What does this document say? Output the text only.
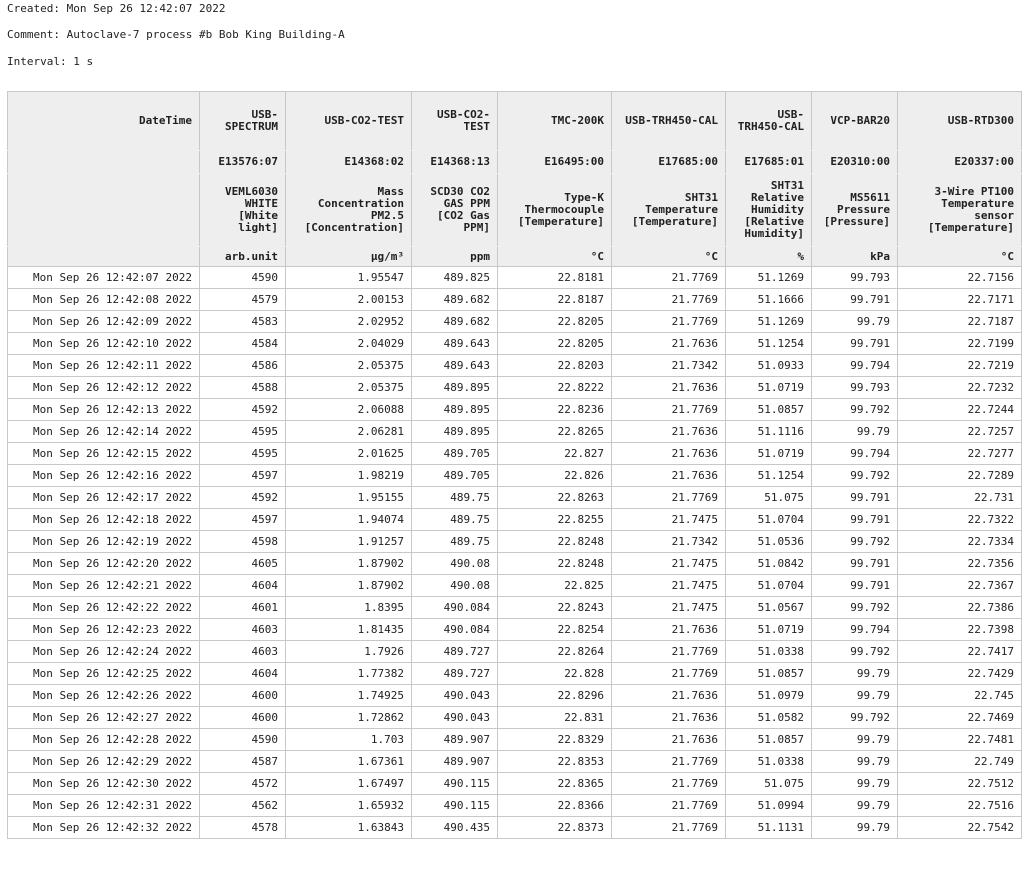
Created: Mon Sep 26 12:42:07 2022

Comment: Autoclave-7 process #b Bob King Building-A

Interval: 1 s

DateTime	USB-SPECTRUM	USB-CO2-TEST	USB-CO2-TEST	TMC-200K	USB-TRH450-CAL	USB-TRH450-CAL	VCP-BAR20	USB-RTD300
	E13576:07	E14368:02	E14368:13	E16495:00	E17685:00	E17685:01	E20310:00	E20337:00
	VEML6030 WHITE [White light]	Mass Concentration PM2.5 [Concentration]	SCD30 CO2 GAS PPM [CO2 Gas PPM]	Type-K Thermocouple [Temperature]	SHT31 Temperature [Temperature]	SHT31 Relative Humidity [Relative Humidity]	MS5611 Pressure [Pressure]	3-Wire PT100 Temperature sensor [Temperature]
	arb.unit	µg/m³	ppm	°C	°C	%	kPa	°C
Mon Sep 26 12:42:07 2022	4590	1.95547	489.825	22.8181	21.7769	51.1269	99.793	22.7156
Mon Sep 26 12:42:08 2022	4579	2.00153	489.682	22.8187	21.7769	51.1666	99.791	22.7171
Mon Sep 26 12:42:09 2022	4583	2.02952	489.682	22.8205	21.7769	51.1269	99.79	22.7187
Mon Sep 26 12:42:10 2022	4584	2.04029	489.643	22.8205	21.7636	51.1254	99.791	22.7199
Mon Sep 26 12:42:11 2022	4586	2.05375	489.643	22.8203	21.7342	51.0933	99.794	22.7219
Mon Sep 26 12:42:12 2022	4588	2.05375	489.895	22.8222	21.7636	51.0719	99.793	22.7232
Mon Sep 26 12:42:13 2022	4592	2.06088	489.895	22.8236	21.7769	51.0857	99.792	22.7244
Mon Sep 26 12:42:14 2022	4595	2.06281	489.895	22.8265	21.7636	51.1116	99.79	22.7257
Mon Sep 26 12:42:15 2022	4595	2.01625	489.705	22.827	21.7636	51.0719	99.794	22.7277
Mon Sep 26 12:42:16 2022	4597	1.98219	489.705	22.826	21.7636	51.1254	99.792	22.7289
Mon Sep 26 12:42:17 2022	4592	1.95155	489.75	22.8263	21.7769	51.075	99.791	22.731
Mon Sep 26 12:42:18 2022	4597	1.94074	489.75	22.8255	21.7475	51.0704	99.791	22.7322
Mon Sep 26 12:42:19 2022	4598	1.91257	489.75	22.8248	21.7342	51.0536	99.792	22.7334
Mon Sep 26 12:42:20 2022	4605	1.87902	490.08	22.8248	21.7475	51.0842	99.791	22.7356
Mon Sep 26 12:42:21 2022	4604	1.87902	490.08	22.825	21.7475	51.0704	99.791	22.7367
Mon Sep 26 12:42:22 2022	4601	1.8395	490.084	22.8243	21.7475	51.0567	99.792	22.7386
Mon Sep 26 12:42:23 2022	4603	1.81435	490.084	22.8254	21.7636	51.0719	99.794	22.7398
Mon Sep 26 12:42:24 2022	4603	1.7926	489.727	22.8264	21.7769	51.0338	99.792	22.7417
Mon Sep 26 12:42:25 2022	4604	1.77382	489.727	22.828	21.7769	51.0857	99.79	22.7429
Mon Sep 26 12:42:26 2022	4600	1.74925	490.043	22.8296	21.7636	51.0979	99.79	22.745
Mon Sep 26 12:42:27 2022	4600	1.72862	490.043	22.831	21.7636	51.0582	99.792	22.7469
Mon Sep 26 12:42:28 2022	4590	1.703	489.907	22.8329	21.7636	51.0857	99.79	22.7481
Mon Sep 26 12:42:29 2022	4587	1.67361	489.907	22.8353	21.7769	51.0338	99.79	22.749
Mon Sep 26 12:42:30 2022	4572	1.67497	490.115	22.8365	21.7769	51.075	99.79	22.7512
Mon Sep 26 12:42:31 2022	4562	1.65932	490.115	22.8366	21.7769	51.0994	99.79	22.7516
Mon Sep 26 12:42:32 2022	4578	1.63843	490.435	22.8373	21.7769	51.1131	99.79	22.7542
